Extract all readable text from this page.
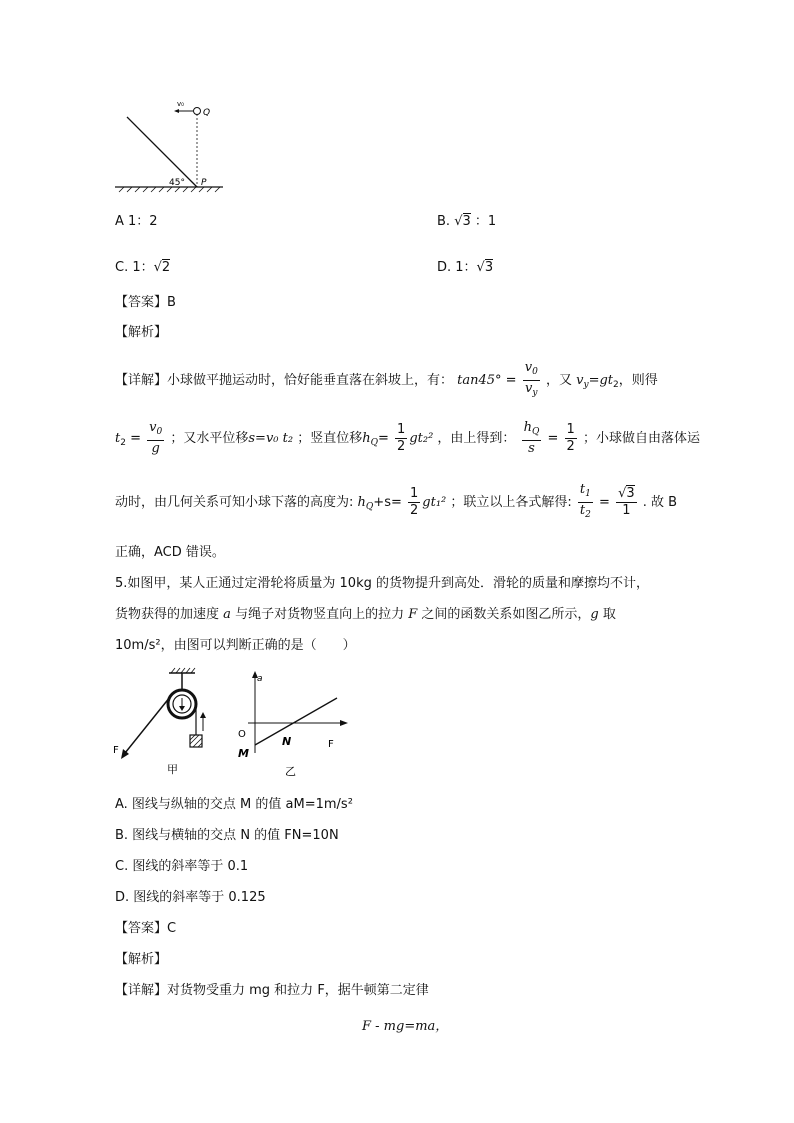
v₀
Q
45° P
A 1：2	B. √3 ：1
C. 1：√2	D. 1：√3
【答案】B
【解析】
【详解】小球做平抛运动时，恰好能垂直落在斜坡上，有： $\tan 45^\circ = \frac{v_0}{v_y}$ ，又 $v_y=gt_2$，则得
$t_2 = \frac{v_0}{g}$ ；又水平位移s=v₀ t₂ ；竖直位移$h_Q= \frac{1}{2} gt_2^2$ ，由上得到： $\frac{h_Q}{s} = \frac{1}{2}$ ；小球做自由落体运
动时，由几何关系可知小球下落的高度为: $h_Q+s= \frac{1}{2} gt_1^2$ ；联立以上各式解得: $\frac{t_1}{t_2} = \frac{√3}{1}$ . 故 B
正确，ACD 错误。
5.如图甲，某人正通过定滑轮将质量为 10kg 的货物提升到高处．滑轮的质量和摩擦均不计，
货物获得的加速度 a 与绳子对货物竖直向上的拉力 F 之间的函数关系如图乙所示，g 取
10m/s²，由图可以判断正确的是（　　）
F
甲
a
O
N	F
M
乙
A. 图线与纵轴的交点 M 的值 aM=1m/s²
B. 图线与横轴的交点 N 的值 FN=10N
C. 图线的斜率等于 0.1
D. 图线的斜率等于 0.125
【答案】C
【解析】
【详解】对货物受重力 mg 和拉力 F，据牛顿第二定律
F - mg=ma，
